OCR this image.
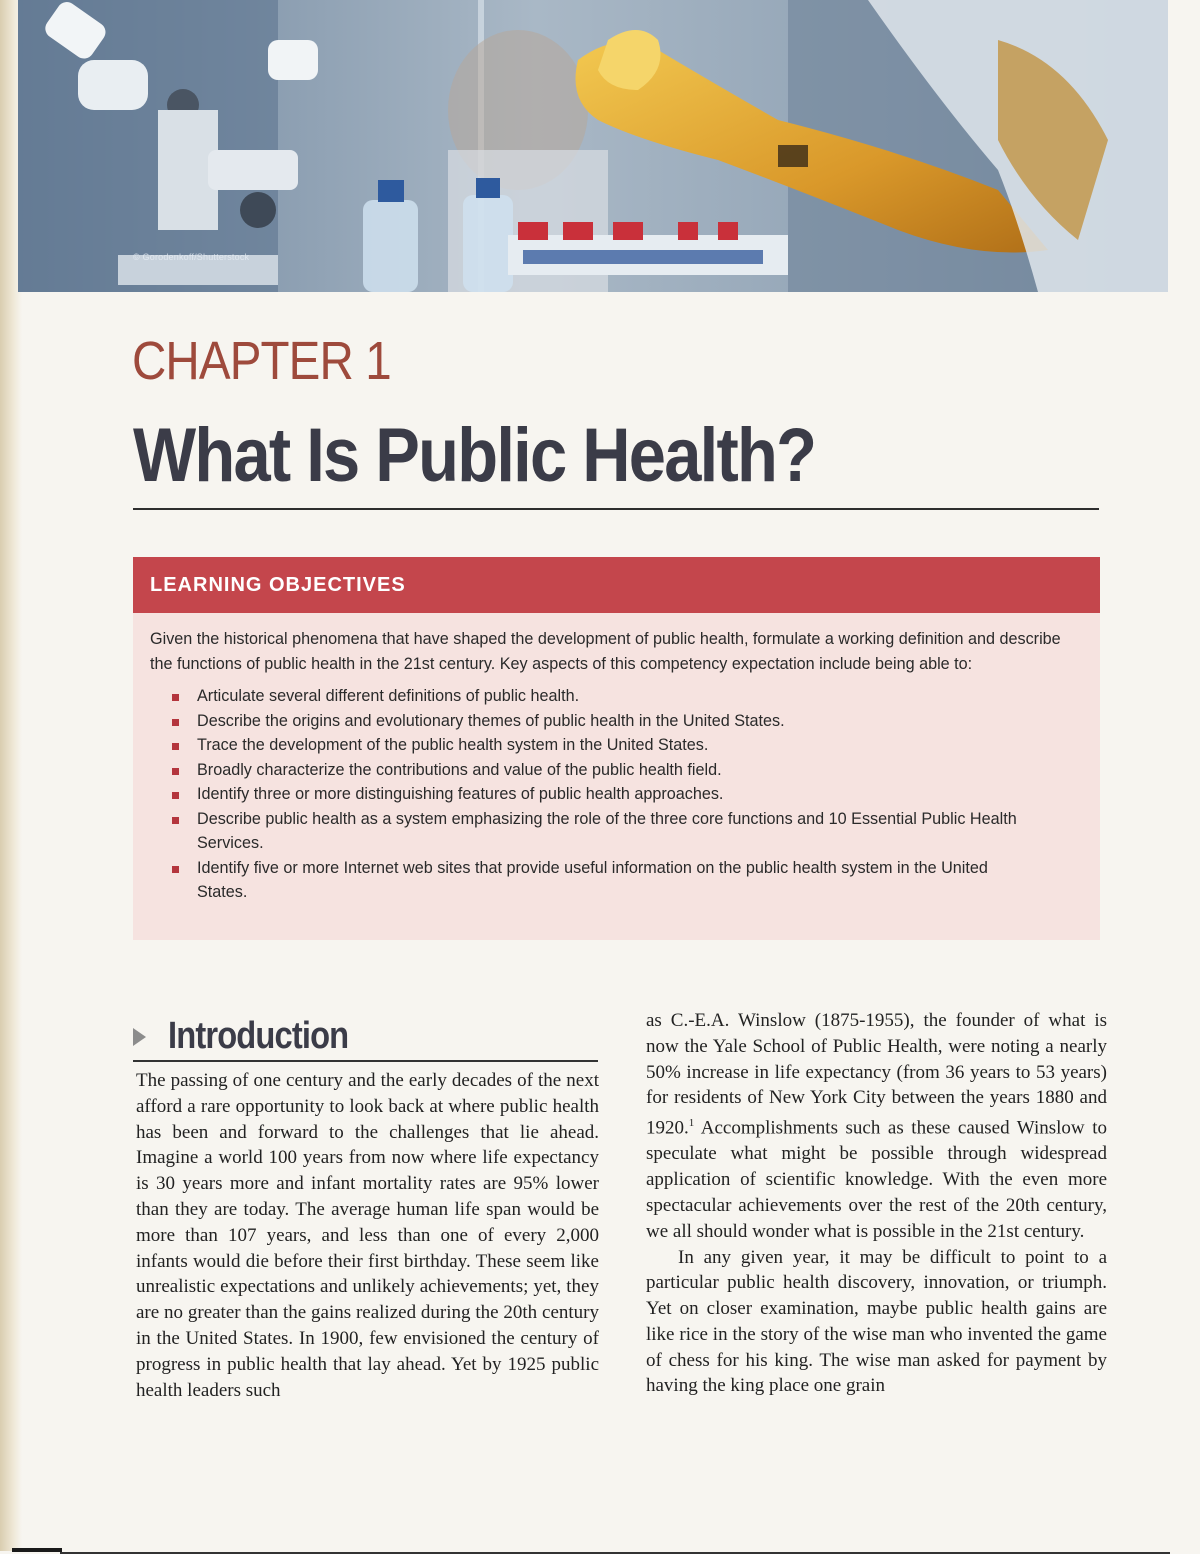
© Gorodenkoff/Shutterstock
CHAPTER 1
What Is Public Health?
LEARNING OBJECTIVES
Given the historical phenomena that have shaped the development of public health, formulate a working definition and describe the functions of public health in the 21st century. Key aspects of this competency expectation include being able to:
Articulate several different definitions of public health.
Describe the origins and evolutionary themes of public health in the United States.
Trace the development of the public health system in the United States.
Broadly characterize the contributions and value of the public health field.
Identify three or more distinguishing features of public health approaches.
Describe public health as a system emphasizing the role of the three core functions and 10 Essential Public Health Services.
Identify five or more Internet web sites that provide useful information on the public health system in the United States.
Introduction

The passing of one century and the early decades of the next afford a rare opportunity to look back at where public health has been and forward to the challenges that lie ahead. Imagine a world 100 years from now where life expectancy is 30 years more and infant mortality rates are 95% lower than they are today. The average human life span would be more than 107 years, and less than one of every 2,000 infants would die before their first birthday. These seem like unrealistic expectations and unlikely achievements; yet, they are no greater than the gains realized during the 20th century in the United States. In 1900, few envisioned the century of progress in public health that lay ahead. Yet by 1925 public health leaders such

as C.-E.A. Winslow (1875-1955), the founder of what is now the Yale School of Public Health, were noting a nearly 50% increase in life expectancy (from 36 years to 53 years) for residents of New York City between the years 1880 and 1920.$^1$ Accomplishments such as these caused Winslow to speculate what might be possible through widespread application of scientific knowledge. With the even more spectacular achievements over the rest of the 20th century, we all should wonder what is possible in the 21st century.

In any given year, it may be difficult to point to a particular public health discovery, innovation, or triumph. Yet on closer examination, maybe public health gains are like rice in the story of the wise man who invented the game of chess for his king. The wise man asked for payment by having the king place one grain
